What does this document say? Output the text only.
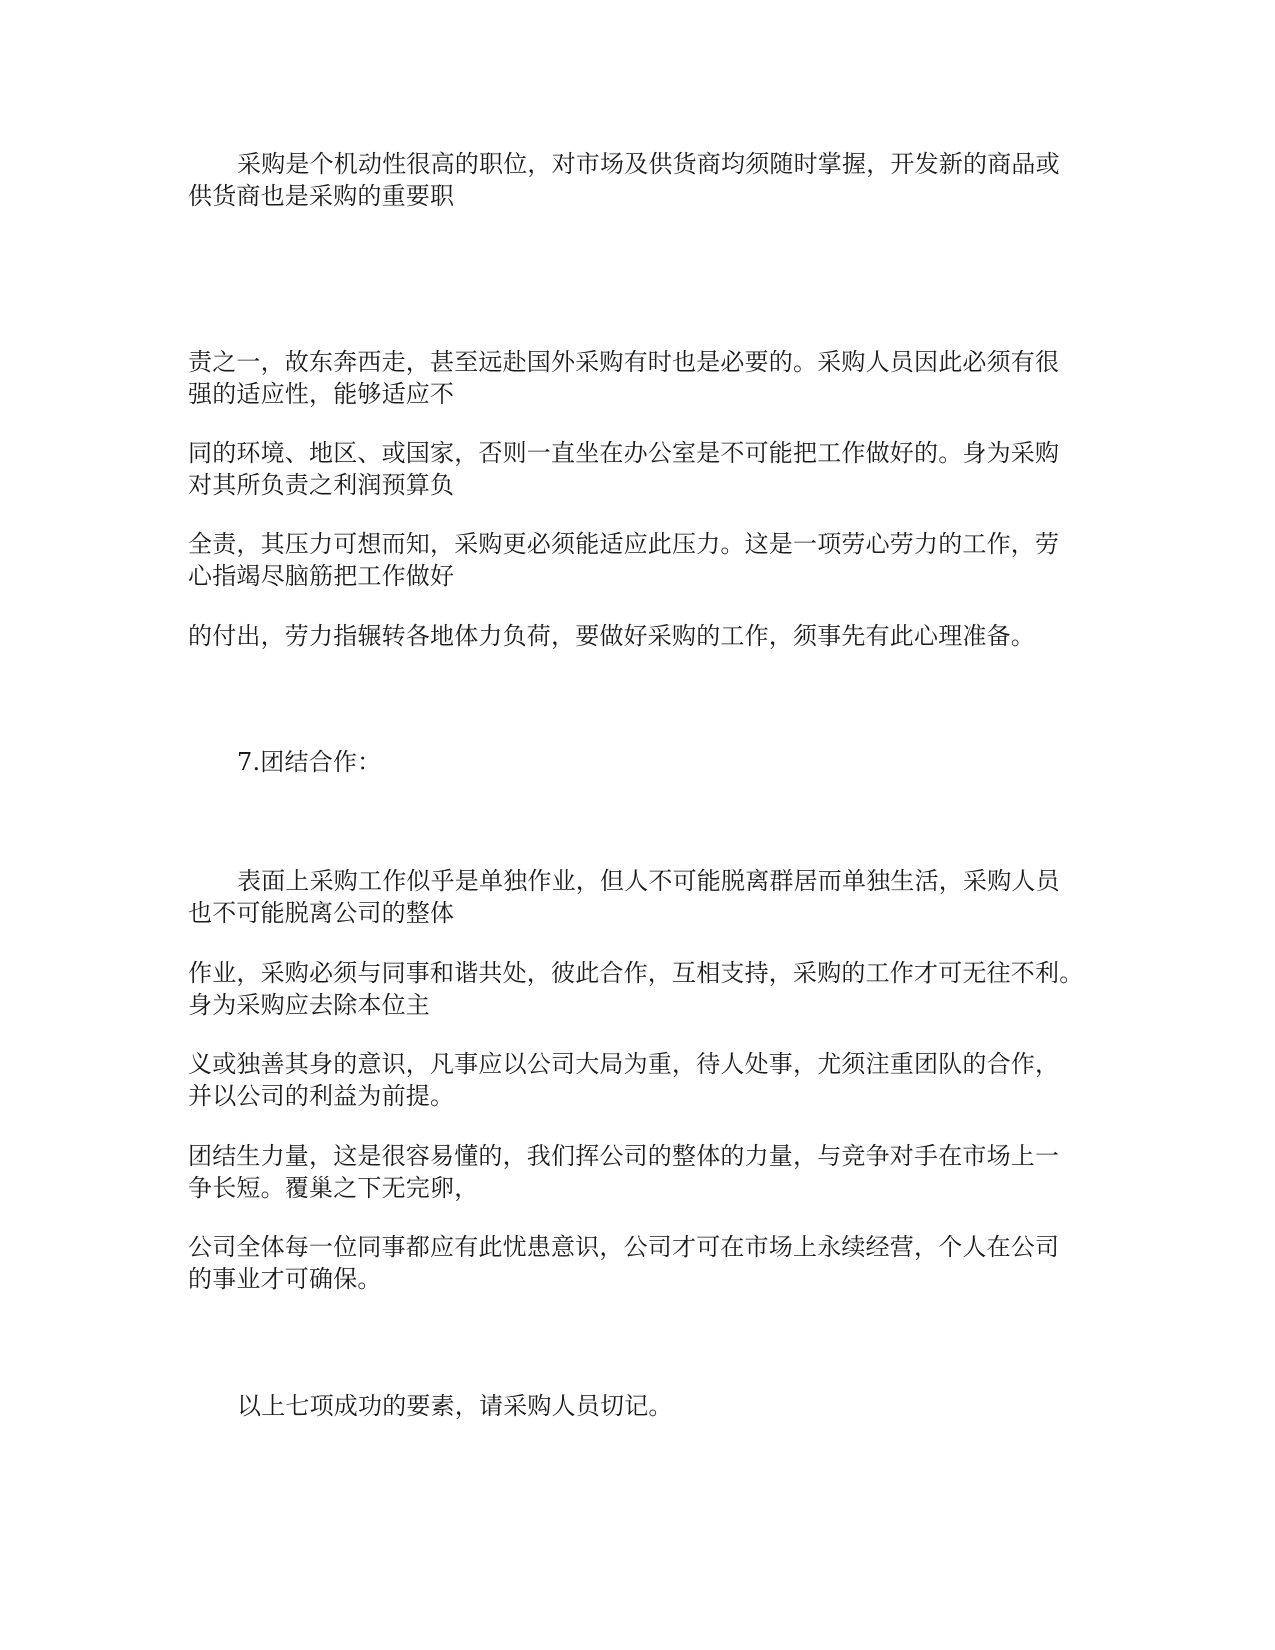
采购是个机动性很高的职位，对市场及供货商均须随时掌握，开发新的商品或
供货商也是采购的重要职

责之一，故东奔西走，甚至远赴国外采购有时也是必要的。采购人员因此必须有很
强的适应性，能够适应不

同的环境、地区、或国家，否则一直坐在办公室是不可能把工作做好的。身为采购
对其所负责之利润预算负

全责，其压力可想而知，采购更必须能适应此压力。这是一项劳心劳力的工作，劳
心指竭尽脑筋把工作做好

的付出，劳力指辗转各地体力负荷，要做好采购的工作，须事先有此心理准备。

7.团结合作：

表面上采购工作似乎是单独作业，但人不可能脱离群居而单独生活，采购人员
也不可能脱离公司的整体

作业，采购必须与同事和谐共处，彼此合作，互相支持，采购的工作才可无往不利。
身为采购应去除本位主

义或独善其身的意识，凡事应以公司大局为重，待人处事，尤须注重团队的合作，
并以公司的利益为前提。

团结生力量，这是很容易懂的，我们挥公司的整体的力量，与竞争对手在市场上一
争长短。覆巢之下无完卵，

公司全体每一位同事都应有此忧患意识，公司才可在市场上永续经营，个人在公司
的事业才可确保。

以上七项成功的要素，请采购人员切记。
